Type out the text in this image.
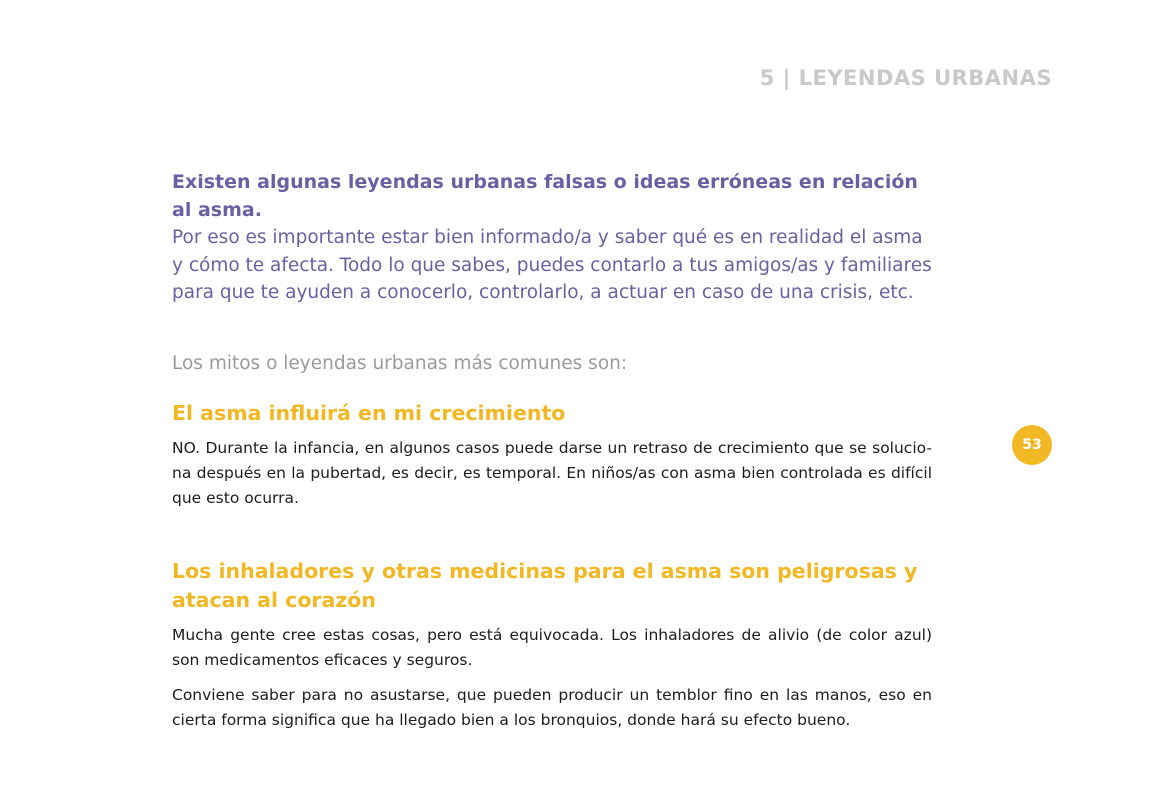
5 | LEYENDAS URBANAS

Existen algunas leyendas urbanas falsas o ideas erróneas en relación al asma.

Por eso es importante estar bien informado/a y saber qué es en realidad el asma

y cómo te afecta. Todo lo que sabes, puedes contarlo a tus amigos/as y familiares

para que te ayuden a conocerlo, controlarlo, a actuar en caso de una crisis, etc.

Los mitos o leyendas urbanas más comunes son:

El asma influirá en mi crecimiento

NO. Durante la infancia, en algunos casos puede darse un retraso de crecimiento que se solucio-na después en la pubertad, es decir, es temporal. En niños/as con asma bien controlada es difícil que esto ocurra.

Los inhaladores y otras medicinas para el asma son peligrosas y atacan al corazón

Mucha gente cree estas cosas, pero está equivocada. Los inhaladores de alivio (de color azul) son medicamentos eficaces y seguros.

Conviene saber para no asustarse, que pueden producir un temblor fino en las manos, eso en cierta forma significa que ha llegado bien a los bronquios, donde hará su efecto bueno.

53
